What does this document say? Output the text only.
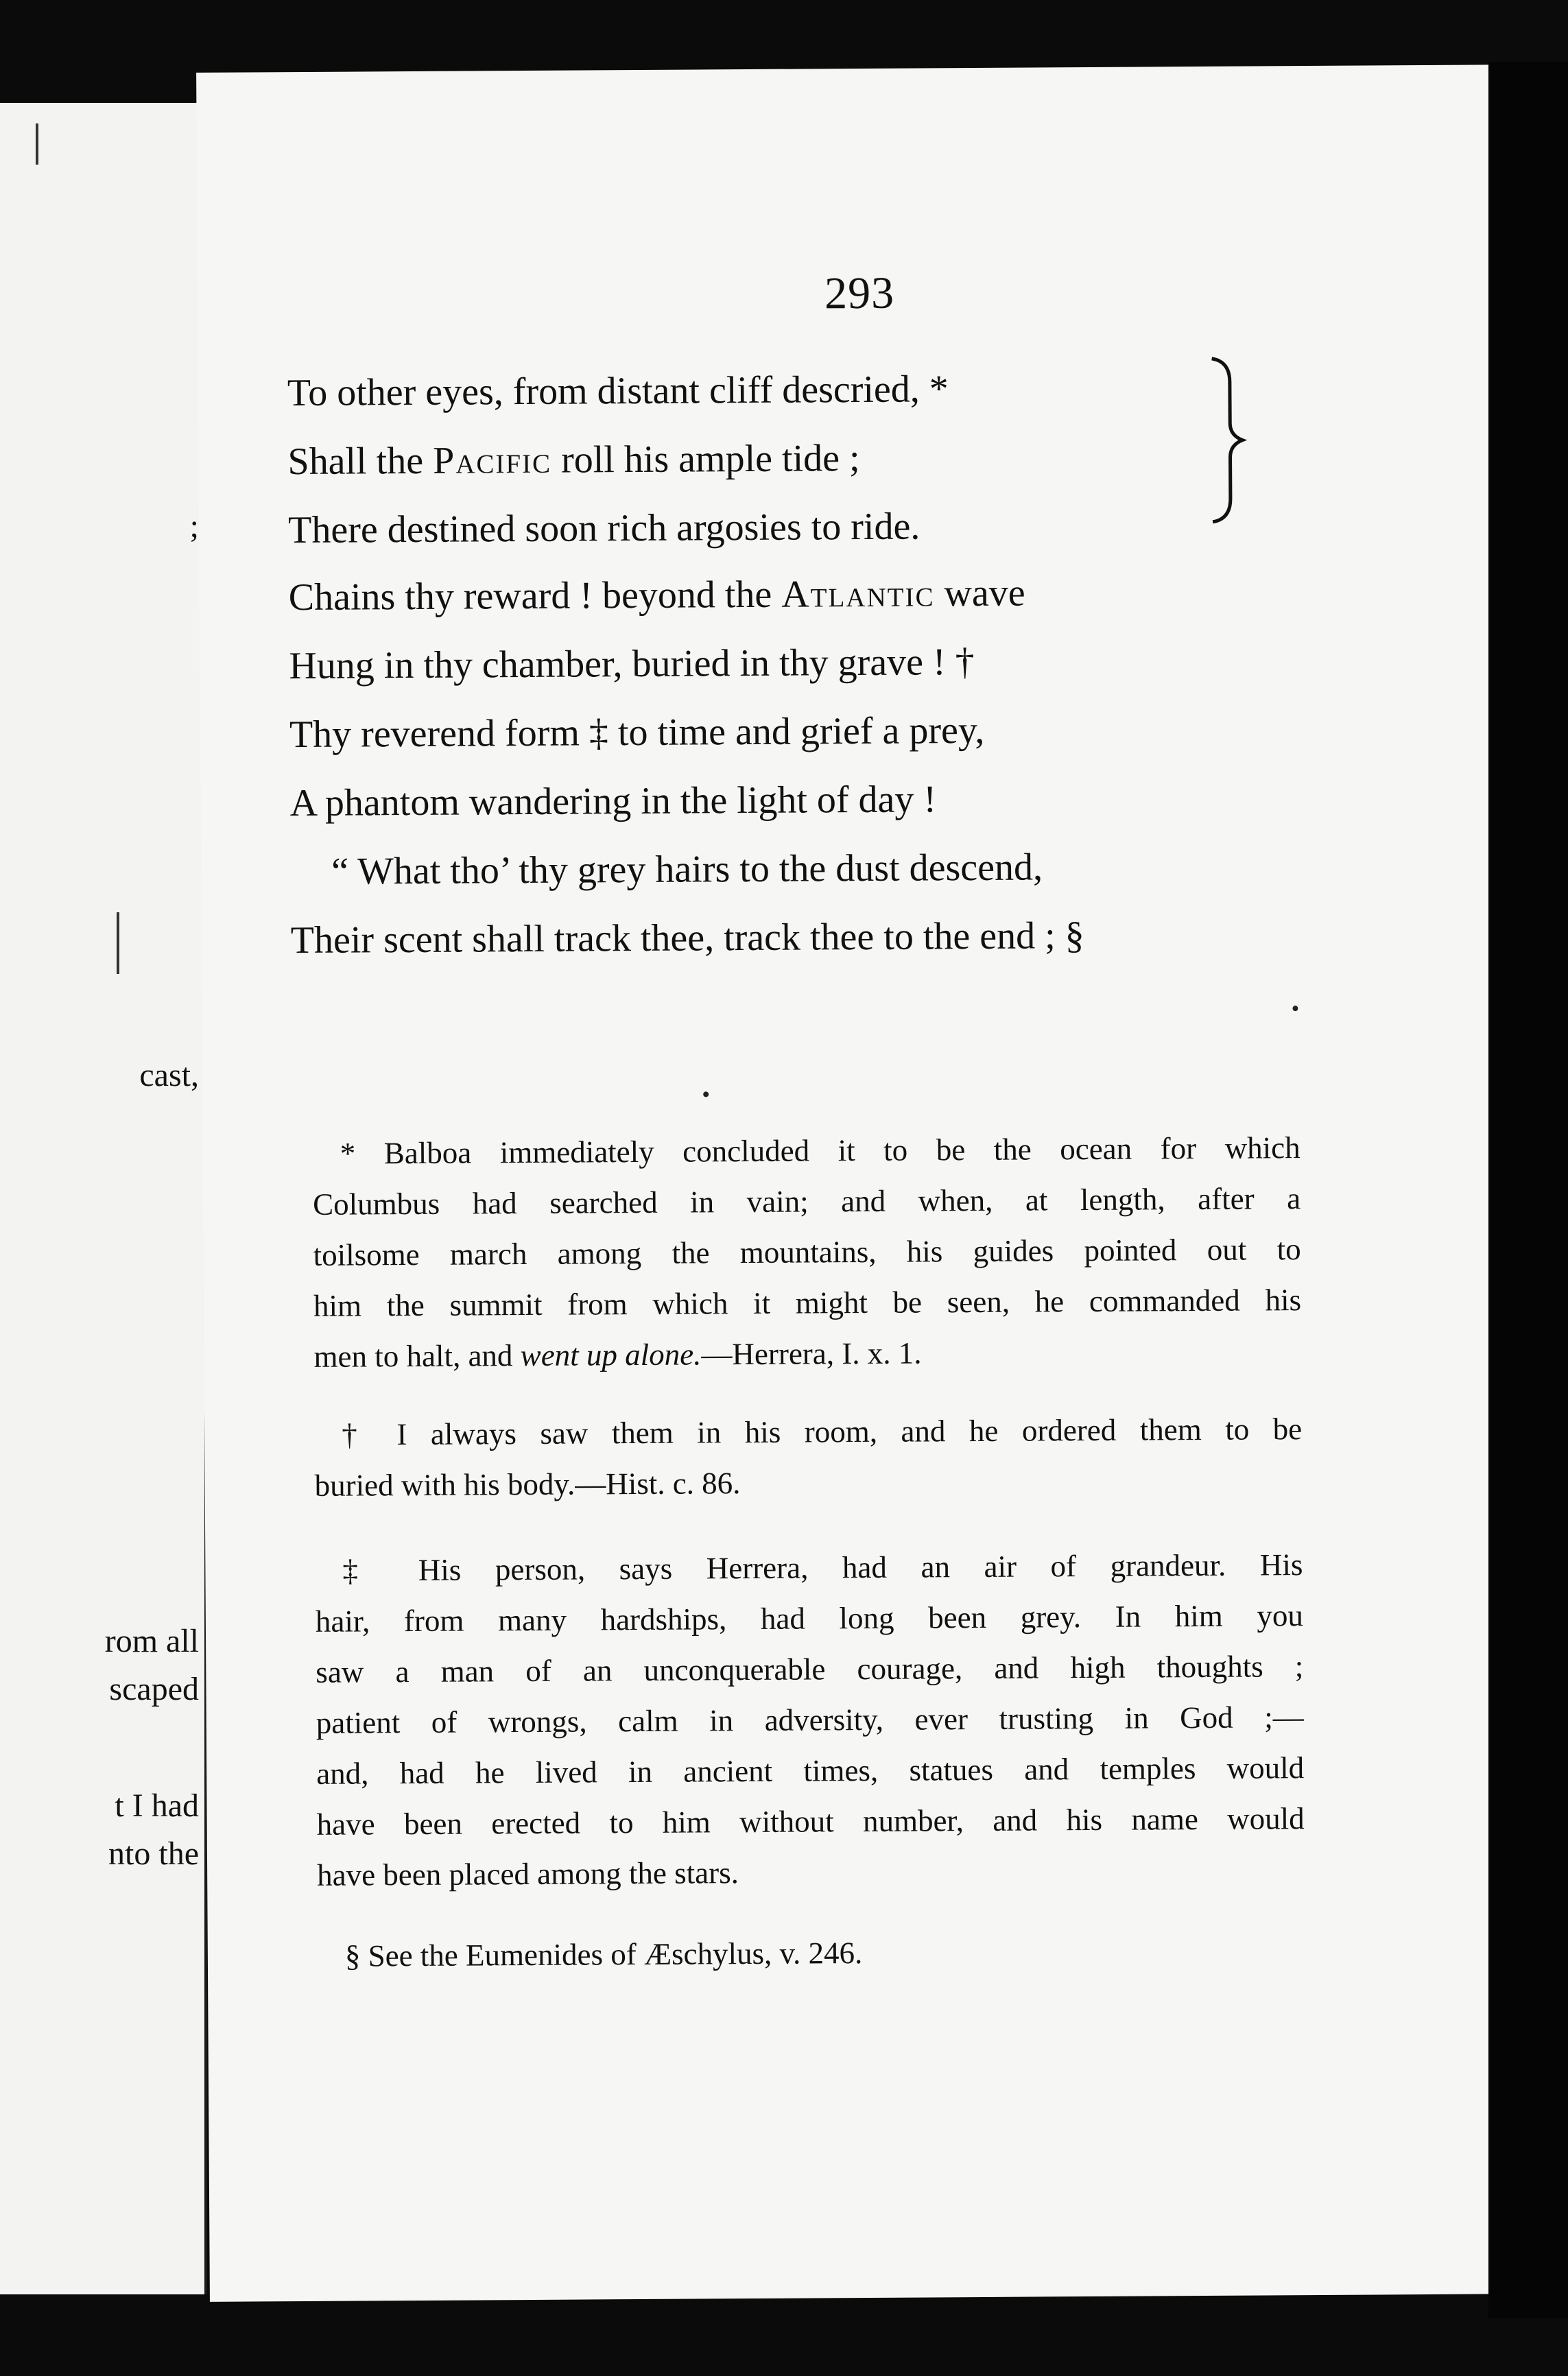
;
cast,
rom all
scaped
t I had
nto the
293
To other eyes, from distant cliff descried, *
Shall the Pacific roll his ample tide ;
There destined soon rich argosies to ride.
Chains thy reward ! beyond the Atlantic wave
Hung in thy chamber, buried in thy grave ! †
Thy reverend form ‡ to time and grief a prey,
A phantom wandering in the light of day !
“ What tho’ thy grey hairs to the dust descend,
Their scent shall track thee, track thee to the end ; §
* Balboa immediately concluded it to be the ocean for which
Columbus had searched in vain; and when, at length, after a
toilsome march among the mountains, his guides pointed out to
him the summit from which it might be seen, he commanded his
men to halt, and went up alone.—Herrera, I. x. 1.
† I always saw them in his room, and he ordered them to be
buried with his body.—Hist. c. 86.
‡ His person, says Herrera, had an air of grandeur. His
hair, from many hardships, had long been grey. In him you
saw a man of an unconquerable courage, and high thoughts ;
patient of wrongs, calm in adversity, ever trusting in God ;—
and, had he lived in ancient times, statues and temples would
have been erected to him without number, and his name would
have been placed among the stars.
§ See the Eumenides of Æschylus, v. 246.
